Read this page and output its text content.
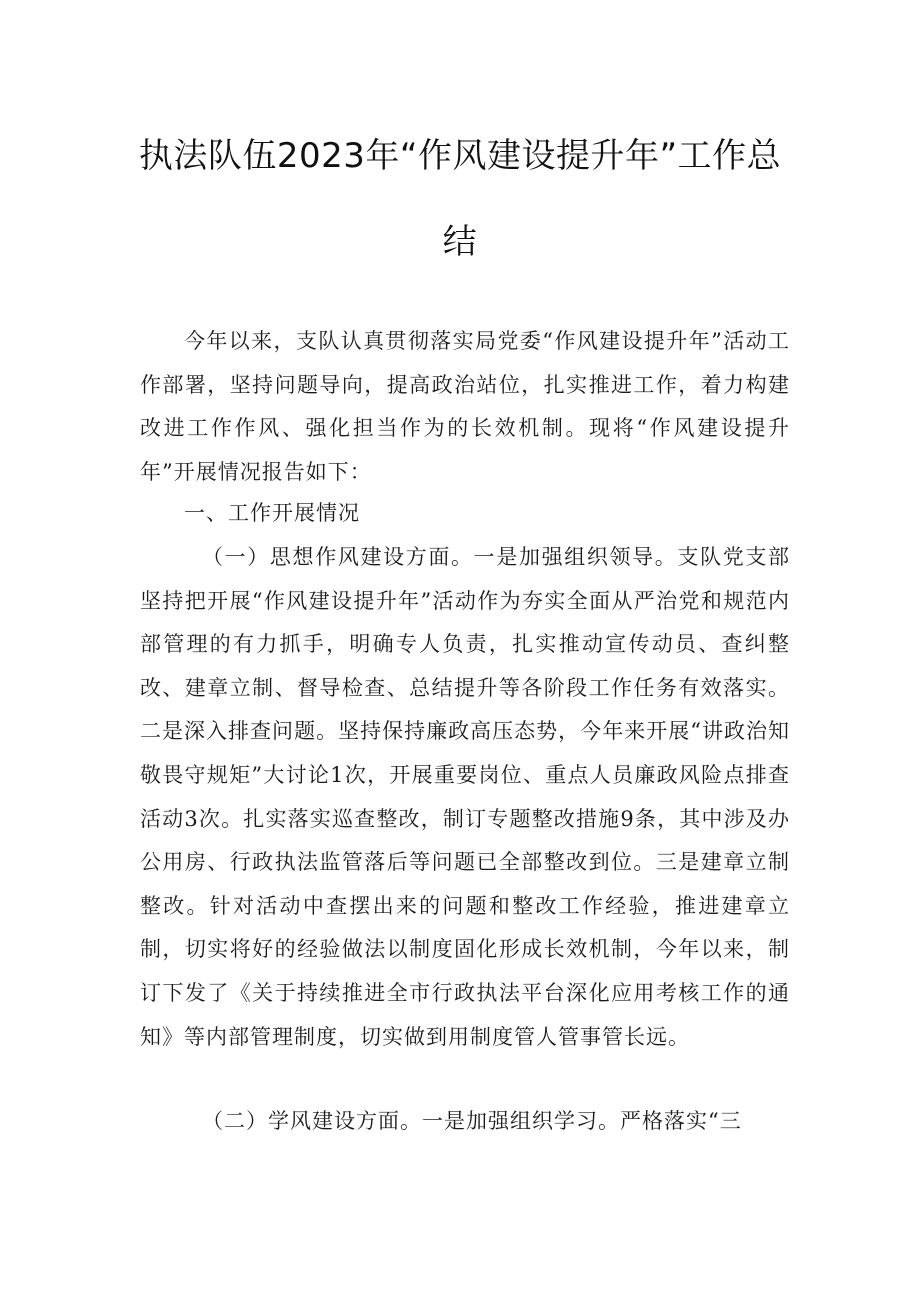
执法队伍2023年“作风建设提升年”工作总
结

今年以来，支队认真贯彻落实局党委“作风建设提升年”活动工作部署，坚持问题导向，提高政治站位，扎实推进工作，着力构建改进工作作风、强化担当作为的长效机制。现将“作风建设提升年”开展情况报告如下：

一、工作开展情况

（一）思想作风建设方面。一是加强组织领导。支队党支部坚持把开展“作风建设提升年”活动作为夯实全面从严治党和规范内部管理的有力抓手，明确专人负责，扎实推动宣传动员、查纠整改、建章立制、督导检查、总结提升等各阶段工作任务有效落实。二是深入排查问题。坚持保持廉政高压态势，今年来开展“讲政治知敬畏守规矩”大讨论1次，开展重要岗位、重点人员廉政风险点排查活动3次。扎实落实巡查整改，制订专题整改措施9条，其中涉及办公用房、行政执法监管落后等问题已全部整改到位。三是建章立制整改。针对活动中查摆出来的问题和整改工作经验，推进建章立制，切实将好的经验做法以制度固化形成长效机制，今年以来，制订下发了《关于持续推进全市行政执法平台深化应用考核工作的通知》等内部管理制度，切实做到用制度管人管事管长远。

（二）学风建设方面。一是加强组织学习。严格落实“三
